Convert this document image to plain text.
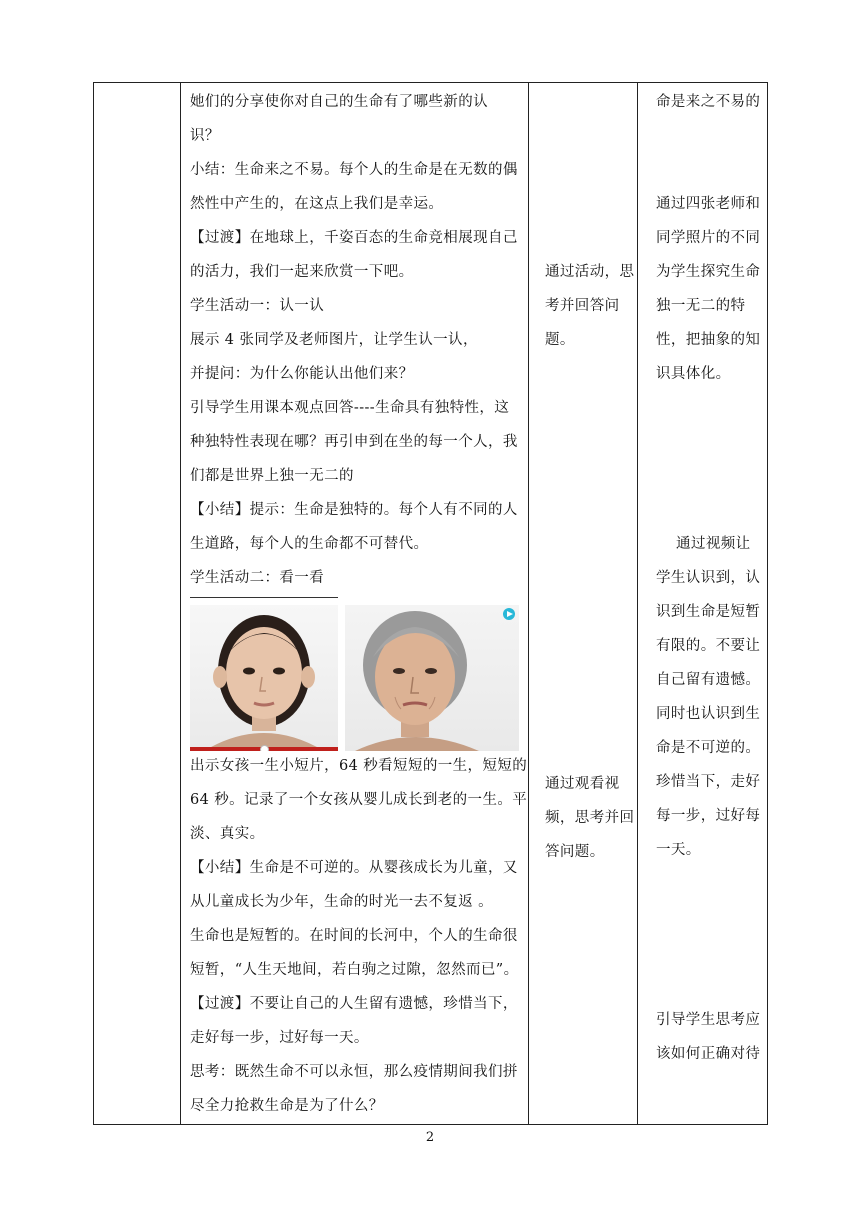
她们的分享使你对自己的生命有了哪些新的认

识？

小结：生命来之不易。每个人的生命是在无数的偶

然性中产生的，在这点上我们是幸运。

【过渡】在地球上，千姿百态的生命竞相展现自己

的活力，我们一起来欣赏一下吧。

学生活动一：认一认

展示 4 张同学及老师图片，让学生认一认，

并提问：为什么你能认出他们来？

引导学生用课本观点回答----生命具有独特性，这

种独特性表现在哪？再引申到在坐的每一个人，我

们都是世界上独一无二的

【小结】提示：生命是独特的。每个人有不同的人

生道路，每个人的生命都不可替代。

学生活动二：看一看

出示女孩一生小短片，64 秒看短短的一生，短短的

64 秒。记录了一个女孩从婴儿成长到老的一生。平

淡、真实。

【小结】生命是不可逆的。从婴孩成长为儿童，又

从儿童成长为少年，生命的时光一去不复返 。

生命也是短暂的。在时间的长河中，个人的生命很

短暂，“人生天地间，若白驹之过隙，忽然而已”。

【过渡】不要让自己的人生留有遗憾，珍惜当下，

走好每一步，过好每一天。

思考：既然生命不可以永恒，那么疫情期间我们拼

尽全力抢救生命是为了什么？

通过活动，思

考并回答问

题。

通过观看视

频，思考并回

答问题。

命是来之不易的

通过四张老师和

同学照片的不同

为学生探究生命

独一无二的特

性，把抽象的知

识具体化。

通过视频让

学生认识到，认

识到生命是短暂

有限的。不要让

自己留有遗憾。

同时也认识到生

命是不可逆的。

珍惜当下，走好

每一步，过好每

一天。

引导学生思考应

该如何正确对待

2
